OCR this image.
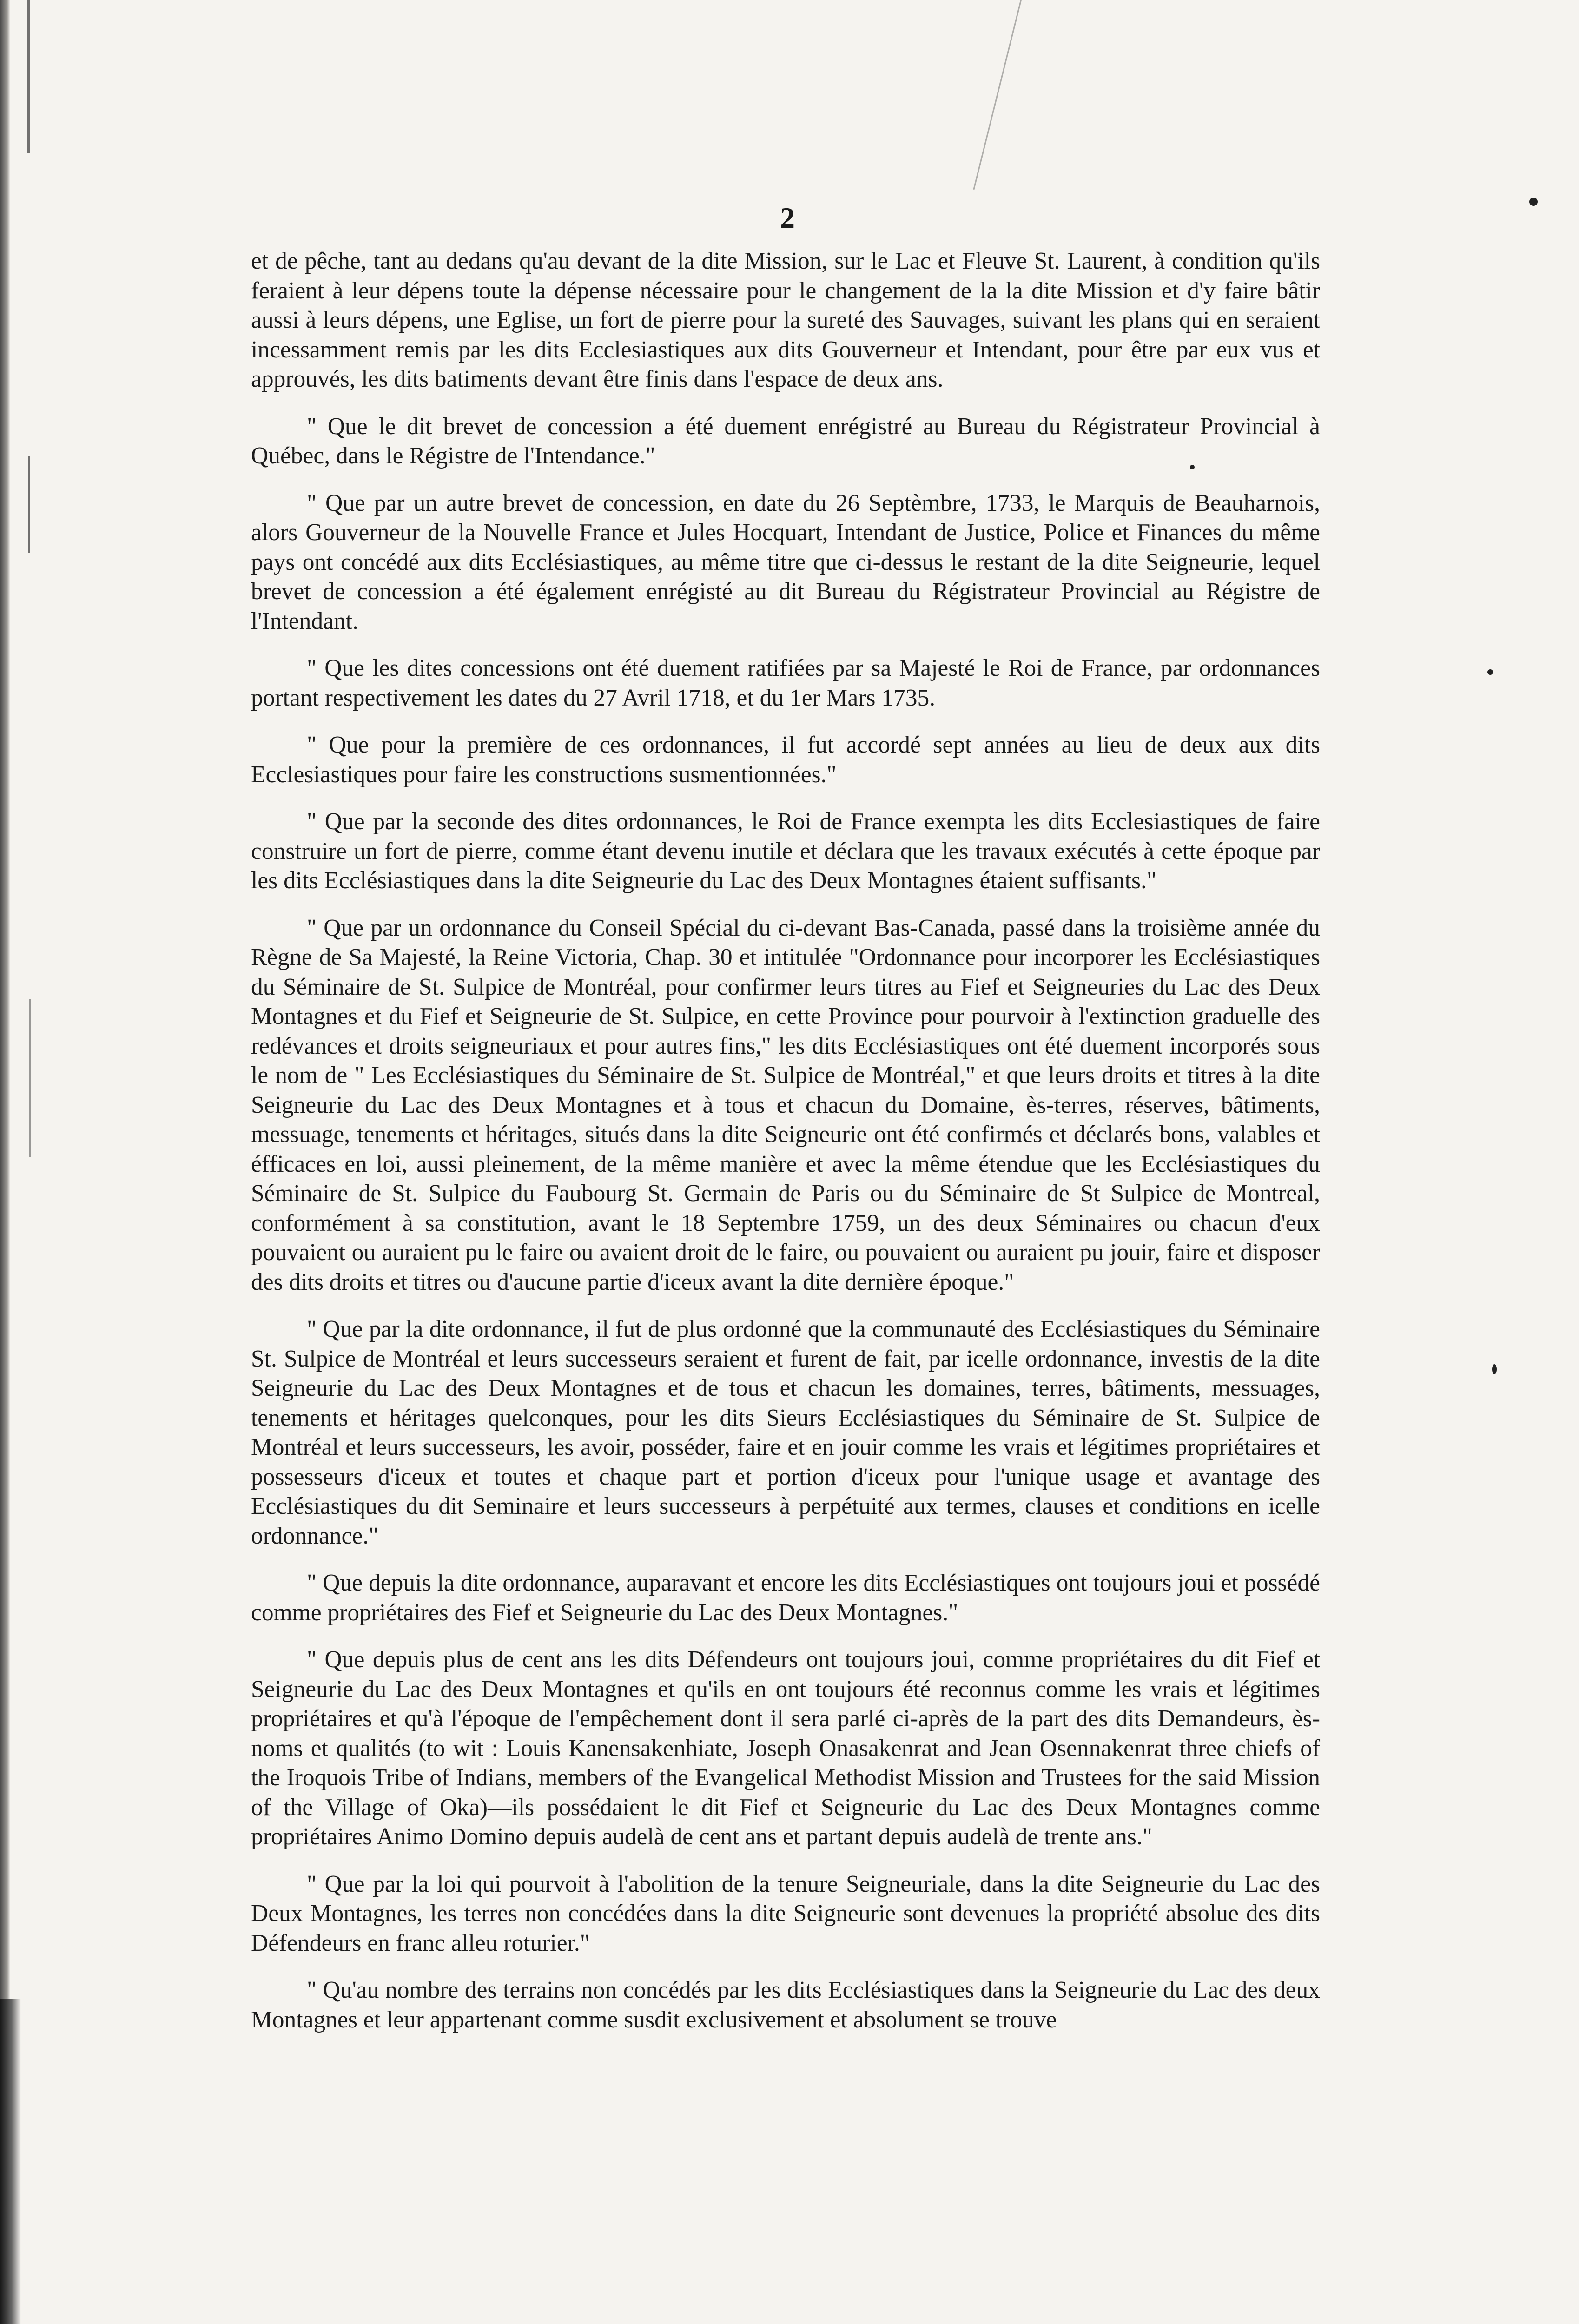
2

et de pêche, tant au dedans qu'au devant de la dite Mission, sur le Lac et Fleuve St. Laurent, à condition qu'ils feraient à leur dépens toute la dépense nécessaire pour le changement de la la dite Mission et d'y faire bâtir aussi à leurs dépens, une Eglise, un fort de pierre pour la sureté des Sauvages, suivant les plans qui en seraient incessamment remis par les dits Ecclesiastiques aux dits Gouverneur et Intendant, pour être par eux vus et approuvés, les dits batiments devant être finis dans l'espace de deux ans.

" Que le dit brevet de concession a été duement enrégistré au Bureau du Régistrateur Provincial à Québec, dans le Régistre de l'Intendance."

" Que par un autre brevet de concession, en date du 26 Septèmbre, 1733, le Marquis de Beauharnois, alors Gouverneur de la Nouvelle France et Jules Hocquart, Intendant de Justice, Police et Finances du même pays ont concédé aux dits Ecclésiastiques, au même titre que ci-dessus le restant de la dite Seigneurie, lequel brevet de concession a été également enrégisté au dit Bureau du Régistrateur Provincial au Régistre de l'Intendant.

" Que les dites concessions ont été duement ratifiées par sa Majesté le Roi de France, par ordonnances portant respectivement les dates du 27 Avril 1718, et du 1er Mars 1735.

" Que pour la première de ces ordonnances, il fut accordé sept années au lieu de deux aux dits Ecclesiastiques pour faire les constructions susmentionnées."

" Que par la seconde des dites ordonnances, le Roi de France exempta les dits Ecclesiastiques de faire construire un fort de pierre, comme étant devenu inutile et déclara que les travaux exécutés à cette époque par les dits Ecclésiastiques dans la dite Seigneurie du Lac des Deux Montagnes étaient suffisants."

" Que par un ordonnance du Conseil Spécial du ci-devant Bas-Canada, passé dans la troisième année du Règne de Sa Majesté, la Reine Victoria, Chap. 30 et intitulée "Ordonnance pour incorporer les Ecclésiastiques du Séminaire de St. Sulpice de Montréal, pour confirmer leurs titres au Fief et Seigneuries du Lac des Deux Montagnes et du Fief et Seigneurie de St. Sulpice, en cette Province pour pourvoir à l'extinction graduelle des redévances et droits seigneuriaux et pour autres fins," les dits Ecclésiastiques ont été duement incorporés sous le nom de " Les Ecclésiastiques du Séminaire de St. Sulpice de Montréal," et que leurs droits et titres à la dite Seigneurie du Lac des Deux Montagnes et à tous et chacun du Domaine, ès-terres, réserves, bâtiments, messuage, tenements et héritages, situés dans la dite Seigneurie ont été confirmés et déclarés bons, valables et éfficaces en loi, aussi pleinement, de la même manière et avec la même étendue que les Ecclésiastiques du Séminaire de St. Sulpice du Faubourg St. Germain de Paris ou du Séminaire de St Sulpice de Montreal, conformément à sa constitution, avant le 18 Septembre 1759, un des deux Séminaires ou chacun d'eux pouvaient ou auraient pu le faire ou avaient droit de le faire, ou pouvaient ou auraient pu jouir, faire et disposer des dits droits et titres ou d'aucune partie d'iceux avant la dite dernière époque."

" Que par la dite ordonnance, il fut de plus ordonné que la communauté des Ecclésiastiques du Séminaire St. Sulpice de Montréal et leurs successeurs seraient et furent de fait, par icelle ordonnance, investis de la dite Seigneurie du Lac des Deux Montagnes et de tous et chacun les domaines, terres, bâtiments, messuages, tenements et héritages quelconques, pour les dits Sieurs Ecclésiastiques du Séminaire de St. Sulpice de Montréal et leurs successeurs, les avoir, posséder, faire et en jouir comme les vrais et légitimes propriétaires et possesseurs d'iceux et toutes et chaque part et portion d'iceux pour l'unique usage et avantage des Ecclésiastiques du dit Seminaire et leurs successeurs à perpétuité aux termes, clauses et conditions en icelle ordonnance."

" Que depuis la dite ordonnance, auparavant et encore les dits Ecclésiastiques ont toujours joui et possédé comme propriétaires des Fief et Seigneurie du Lac des Deux Montagnes."

" Que depuis plus de cent ans les dits Défendeurs ont toujours joui, comme propriétaires du dit Fief et Seigneurie du Lac des Deux Montagnes et qu'ils en ont toujours été reconnus comme les vrais et légitimes propriétaires et qu'à l'époque de l'empêchement dont il sera parlé ci-après de la part des dits Demandeurs, ès-noms et qualités (to wit : Louis Kanensakenhiate, Joseph Onasakenrat and Jean Osennakenrat three chiefs of the Iroquois Tribe of Indians, members of the Evangelical Methodist Mission and Trustees for the said Mission of the Village of Oka)—ils possédaient le dit Fief et Seigneurie du Lac des Deux Montagnes comme propriétaires Animo Domino depuis audelà de cent ans et partant depuis audelà de trente ans."

" Que par la loi qui pourvoit à l'abolition de la tenure Seigneuriale, dans la dite Seigneurie du Lac des Deux Montagnes, les terres non concédées dans la dite Seigneurie sont devenues la propriété absolue des dits Défendeurs en franc alleu roturier."

" Qu'au nombre des terrains non concédés par les dits Ecclésiastiques dans la Seigneurie du Lac des deux Montagnes et leur appartenant comme susdit exclusivement et absolument se trouve
